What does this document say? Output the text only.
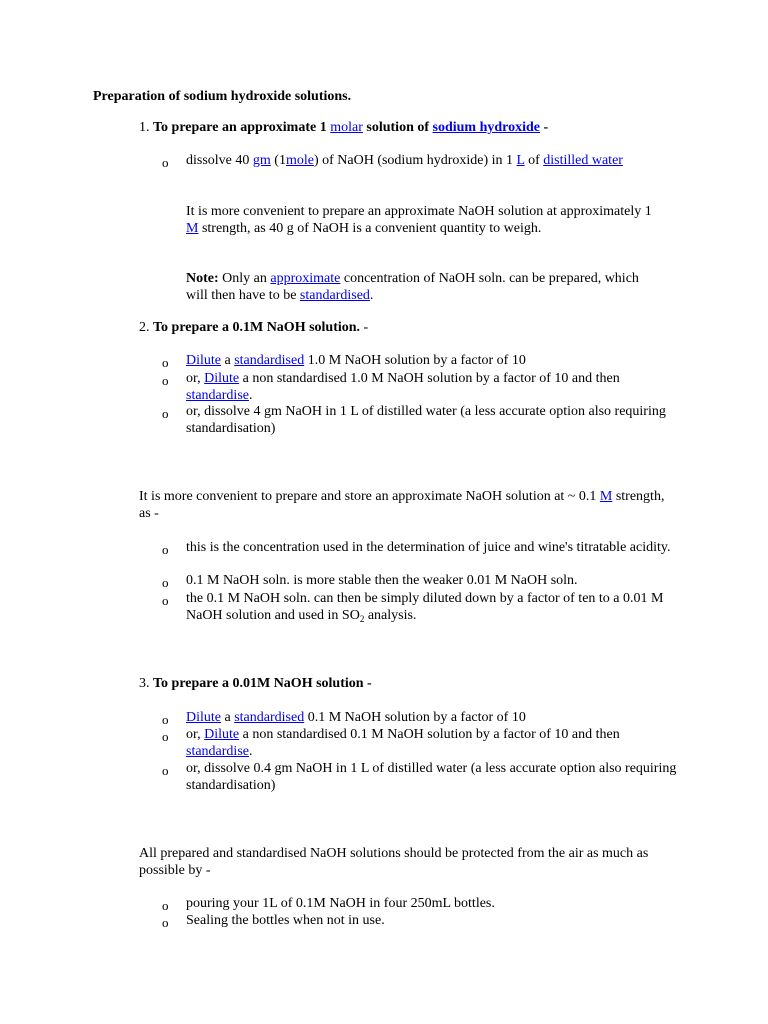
Preparation of sodium hydroxide solutions.
1. To prepare an approximate 1 molar solution of sodium hydroxide -
o dissolve 40 gm (1mole) of NaOH (sodium hydroxide) in 1 L of distilled water
It is more convenient to prepare an approximate NaOH solution at approximately 1 M strength, as 40 g of NaOH is a convenient quantity to weigh.
Note: Only an approximate concentration of NaOH soln. can be prepared, which will then have to be standardised.
2. To prepare a 0.1M NaOH solution. -
o Dilute a standardised 1.0 M NaOH solution by a factor of 10
o or, Dilute a non standardised 1.0 M NaOH solution by a factor of 10 and then standardise.
o or, dissolve 4 gm NaOH in 1 L of distilled water (a less accurate option also requiring standardisation)
It is more convenient to prepare and store an approximate NaOH solution at ~ 0.1 M strength, as -
o this is the concentration used in the determination of juice and wine's titratable acidity.
o 0.1 M NaOH soln. is more stable then the weaker 0.01 M NaOH soln.
o the 0.1 M NaOH soln. can then be simply diluted down by a factor of ten to a 0.01 M NaOH solution and used in $SO_2$ analysis.
3. To prepare a 0.01M NaOH solution -
o Dilute a standardised 0.1 M NaOH solution by a factor of 10
o or, Dilute a non standardised 0.1 M NaOH solution by a factor of 10 and then standardise.
o or, dissolve 0.4 gm NaOH in 1 L of distilled water (a less accurate option also requiring standardisation)
All prepared and standardised NaOH solutions should be protected from the air as much as possible by -
o pouring your 1L of 0.1M NaOH in four 250mL bottles.
o Sealing the bottles when not in use.
